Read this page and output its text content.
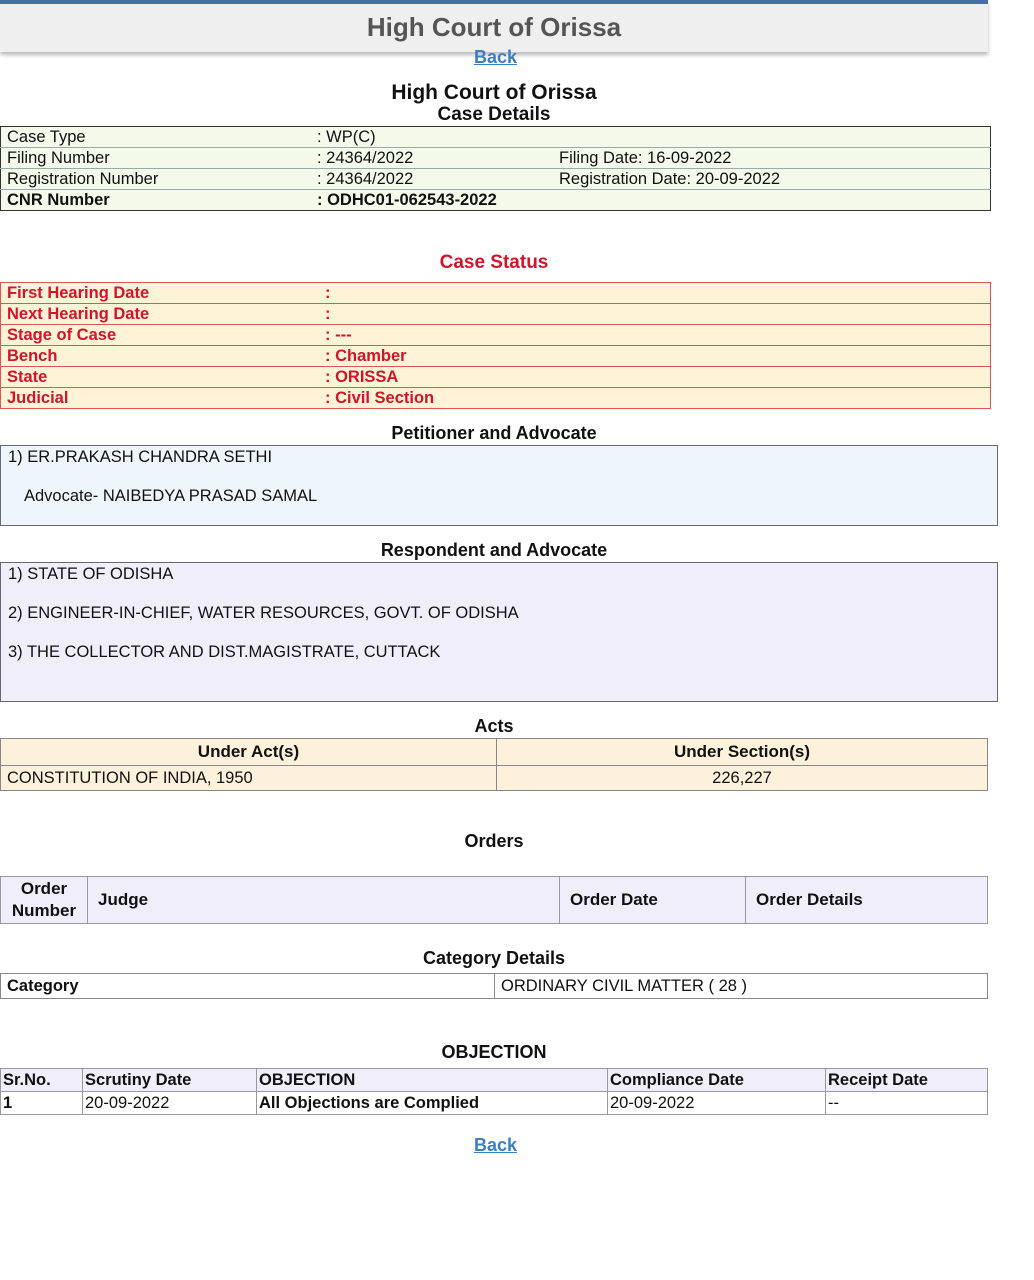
High Court of Orissa
Back
High Court of Orissa
Case Details
Case Type	: WP(C)	
Filing Number	: 24364/2022	Filing Date: 16-09-2022
Registration Number	: 24364/2022	Registration Date: 20-09-2022
CNR Number	: ODHC01-062543-2022	
Case Status
First Hearing Date	:
Next Hearing Date	:
Stage of Case	: ---
Bench	: Chamber
State	: ORISSA
Judicial	: Civil Section
Petitioner and Advocate

1) ER.PRAKASH CHANDRA SETHI

Advocate- NAIBEDYA PRASAD SAMAL

Respondent and Advocate

1) STATE OF ODISHA

2) ENGINEER-IN-CHIEF, WATER RESOURCES, GOVT. OF ODISHA

3) THE COLLECTOR AND DIST.MAGISTRATE, CUTTACK

Acts
Under Act(s)	Under Section(s)
CONSTITUTION OF INDIA, 1950	226,227
Orders
Order Number	Judge	Order Date	Order Details
Category Details
Category	ORDINARY CIVIL MATTER ( 28 )
OBJECTION
Sr.No.	Scrutiny Date	OBJECTION	Compliance Date	Receipt Date
1	20-09-2022	All Objections are Complied	20-09-2022	--
Back
